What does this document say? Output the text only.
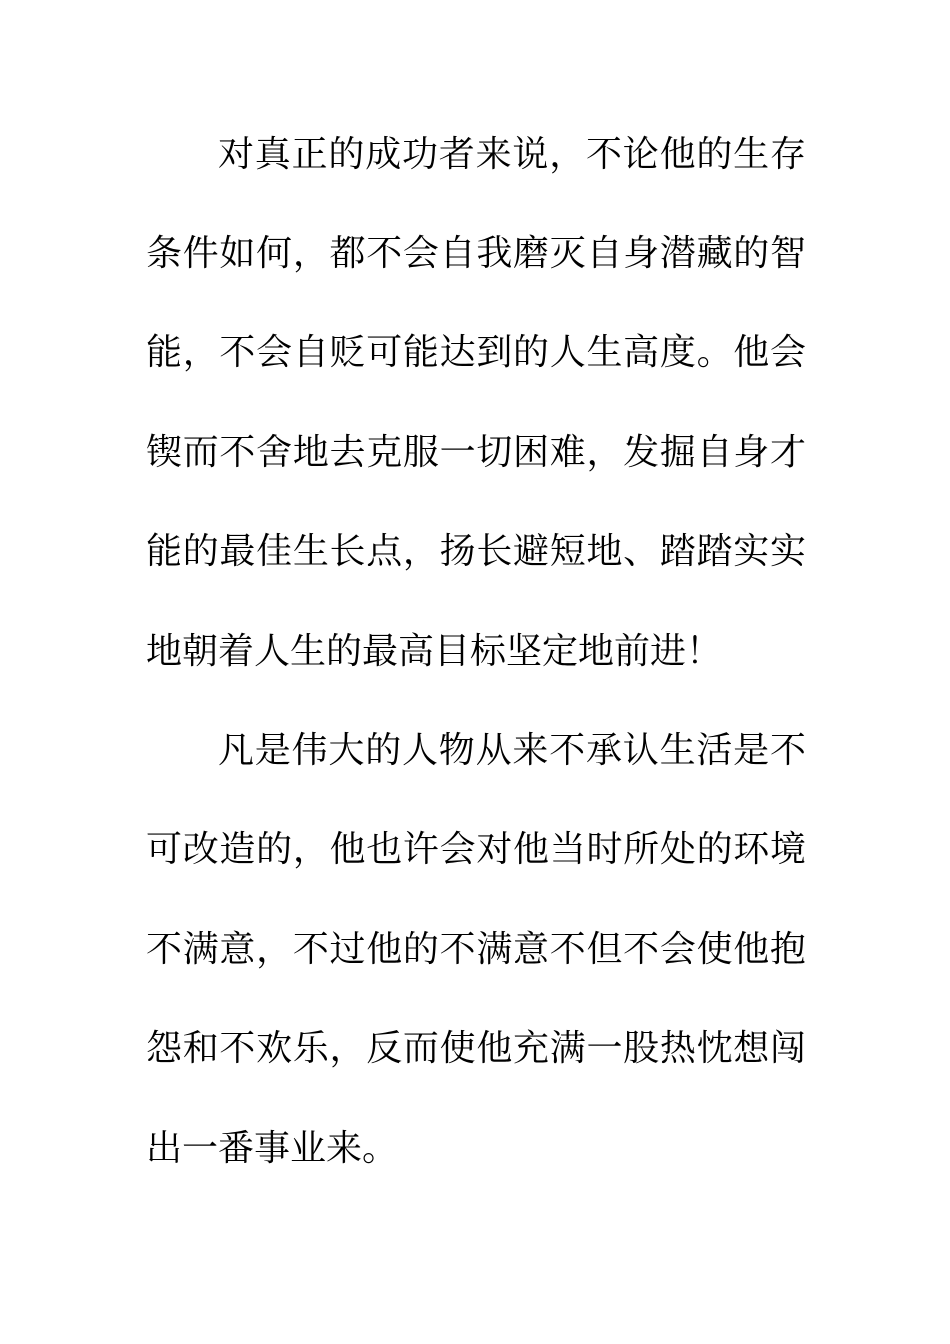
对真正的成功者来说，不论他的生存
条件如何，都不会自我磨灭自身潜藏的智
能，不会自贬可能达到的人生高度。他会
锲而不舍地去克服一切困难，发掘自身才
能的最佳生长点，扬长避短地、踏踏实实
地朝着人生的最高目标坚定地前进！
凡是伟大的人物从来不承认生活是不
可改造的，他也许会对他当时所处的环境
不满意，不过他的不满意不但不会使他抱
怨和不欢乐，反而使他充满一股热忱想闯
出一番事业来。
